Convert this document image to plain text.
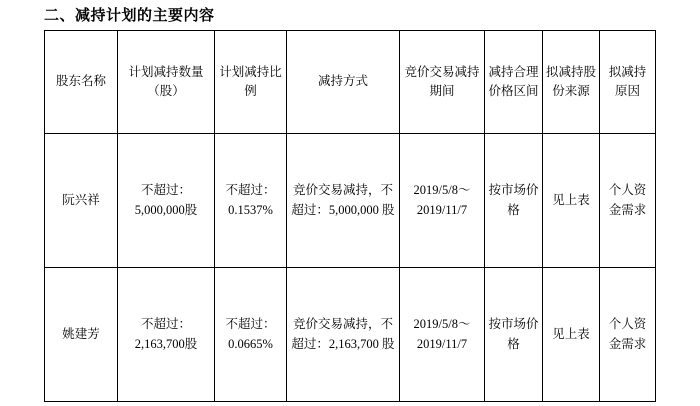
二、减持计划的主要内容
股东名称	计划减持数量（股）	计划减持比例	减持方式	竞价交易减持期间	减持合理价格区间	拟减持股份来源	拟减持原因
阮兴祥	不超过：5,000,000股	不超过：0.1537%	竞价交易减持，不超过：5,000,000 股	2019/5/8～2019/11/7	按市场价格	见上表	个人资金需求
姚建芳	不超过：2,163,700股	不超过：0.0665%	竞价交易减持，不超过：2,163,700 股	2019/5/8～2019/11/7	按市场价格	见上表	个人资金需求
